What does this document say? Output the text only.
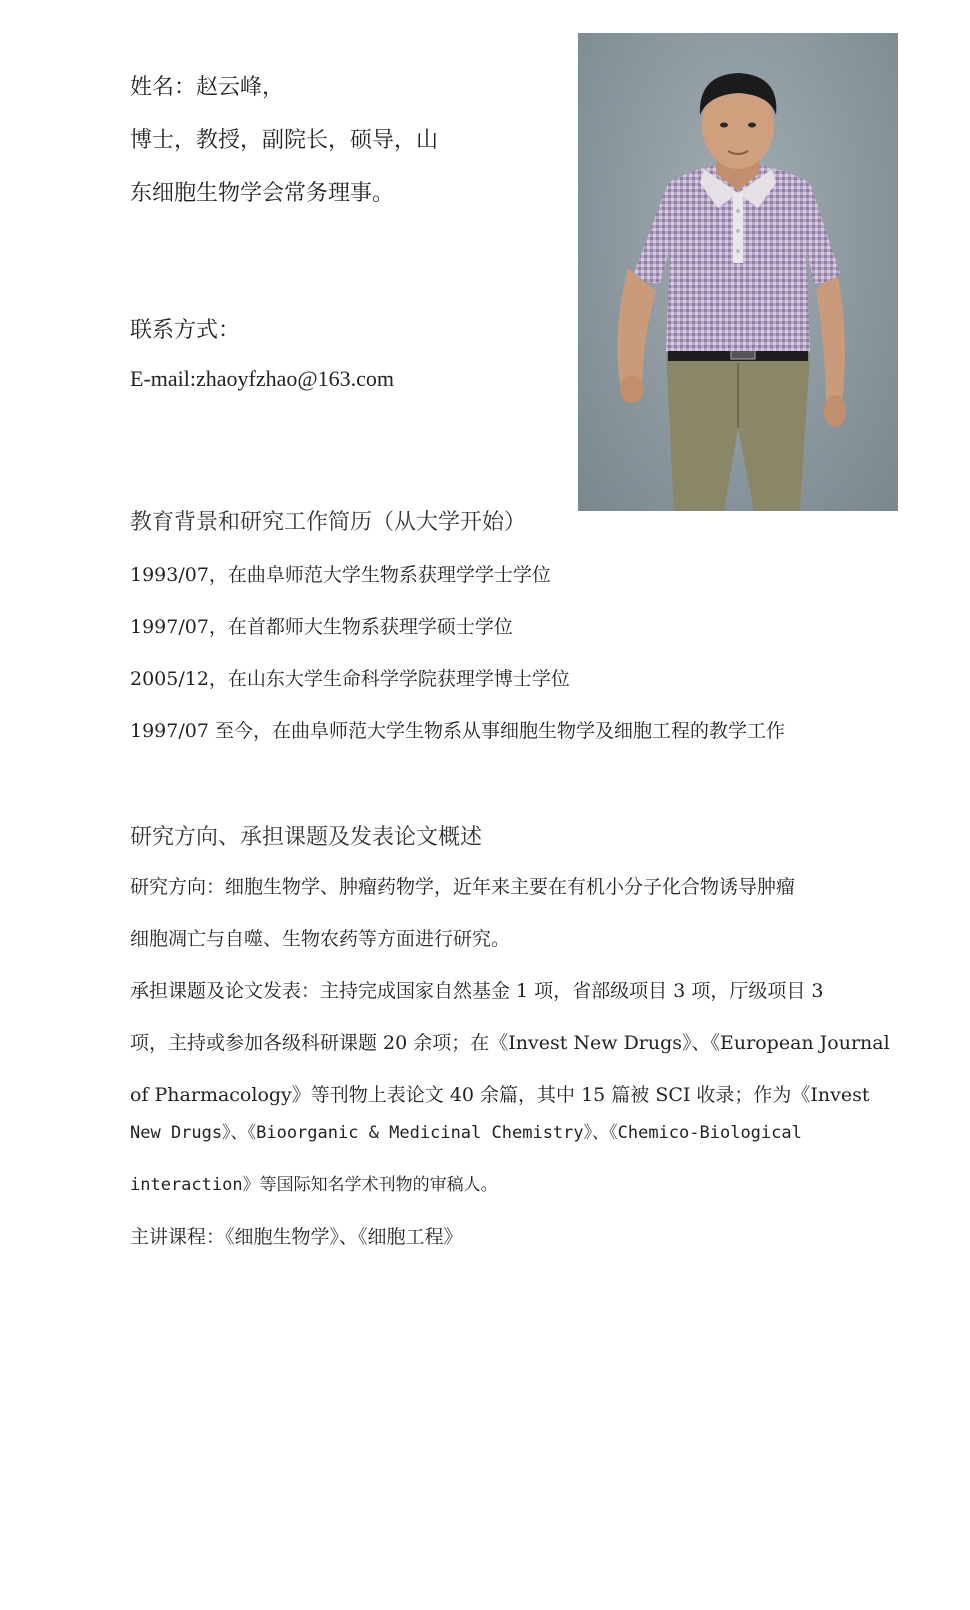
姓名：赵云峰，
博士，教授，副院长，硕导，山
东细胞生物学会常务理事。
联系方式：
E-mail:zhaoyfzhao@163.com
教育背景和研究工作简历（从大学开始）
1993/07，在曲阜师范大学生物系获理学学士学位
1997/07，在首都师大生物系获理学硕士学位
2005/12，在山东大学生命科学学院获理学博士学位
1997/07 至今，在曲阜师范大学生物系从事细胞生物学及细胞工程的教学工作
研究方向、承担课题及发表论文概述
研究方向：细胞生物学、肿瘤药物学，近年来主要在有机小分子化合物诱导肿瘤
细胞凋亡与自噬、生物农药等方面进行研究。
承担课题及论文发表：主持完成国家自然基金 1 项，省部级项目 3 项，厅级项目 3
项，主持或参加各级科研课题 20 余项；在《Invest New Drugs》、《European Journal
of Pharmacology》等刊物上表论文 40 余篇，其中 15 篇被 SCI 收录；作为《Invest
New Drugs》、《Bioorganic & Medicinal Chemistry》、《Chemico-Biological
interaction》等国际知名学术刊物的审稿人。
主讲课程：《细胞生物学》、《细胞工程》
